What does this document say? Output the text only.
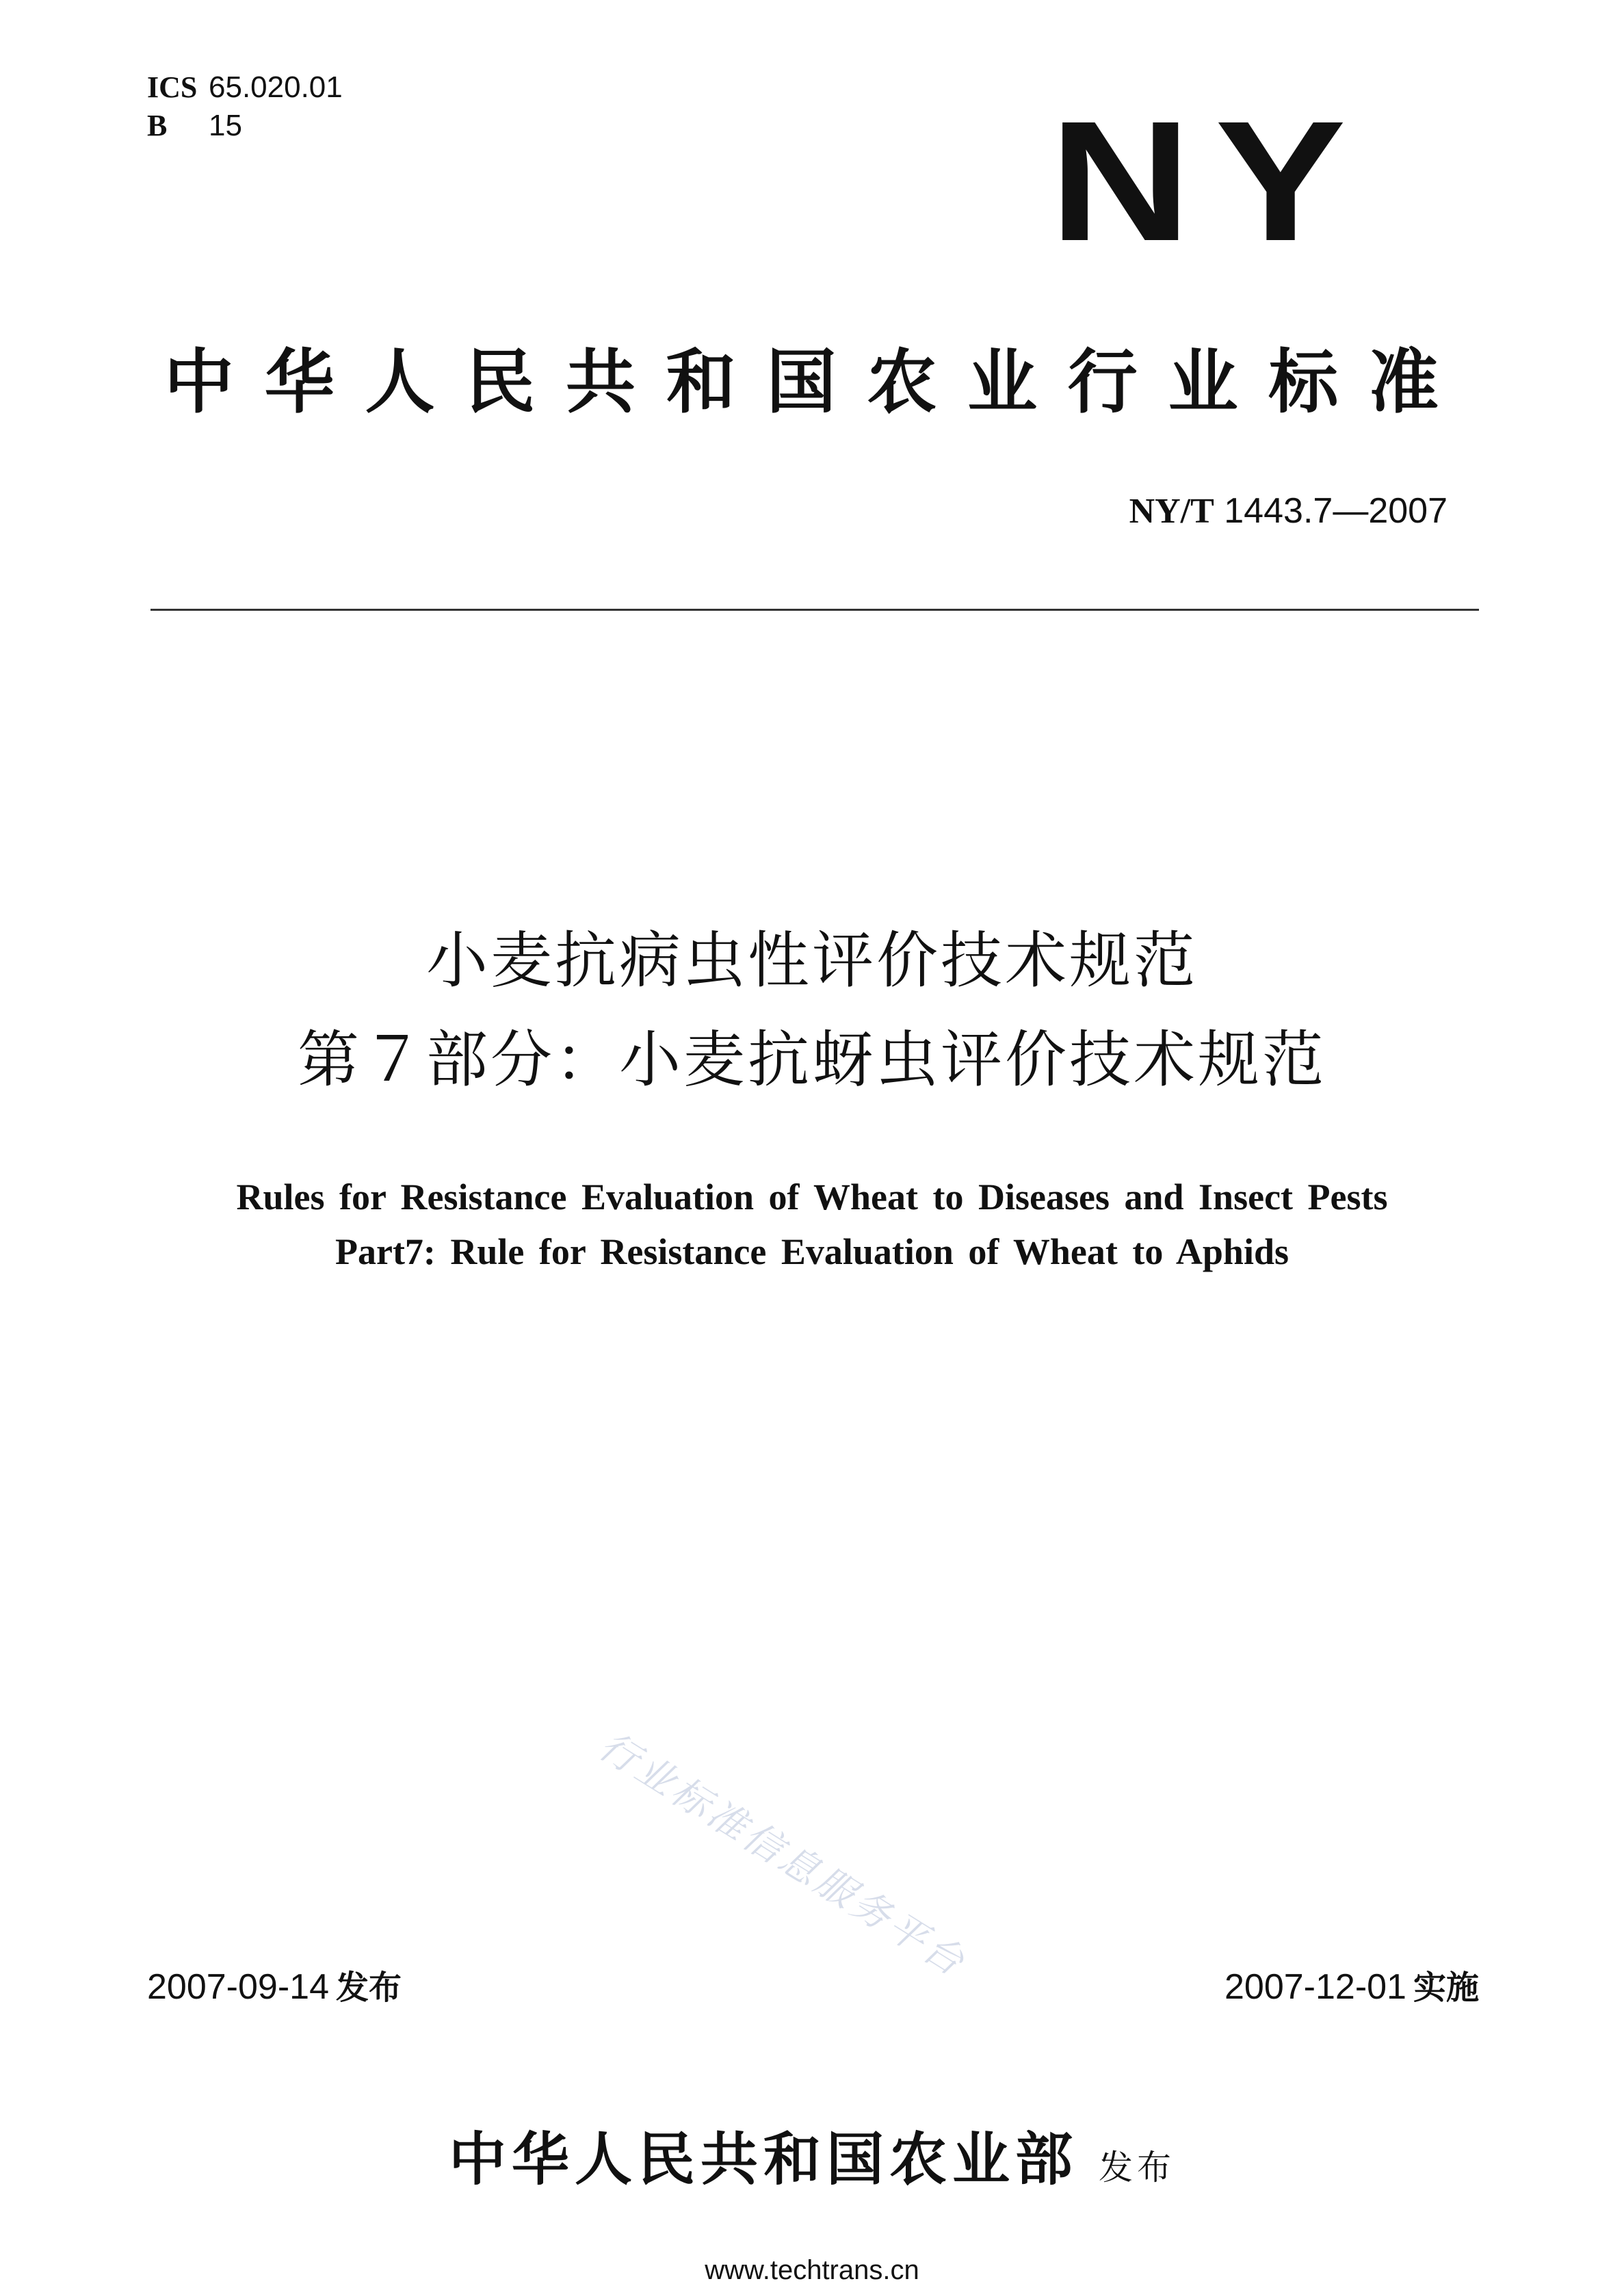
ICS 65.020.01
B 15	NY
中华人民共和国农业行业标准
NY/T 1443.7—2007
小麦抗病虫性评价技术规范
第７部分：小麦抗蚜虫评价技术规范
Rules for Resistance Evaluation of Wheat to Diseases and Insect Pests
Part7: Rule for Resistance Evaluation of Wheat to Aphids
行业标准信息服务平台
2007-09-14 发布	2007-12-01 实施
中华人民共和国农业部 发布
www.techtrans.cn
